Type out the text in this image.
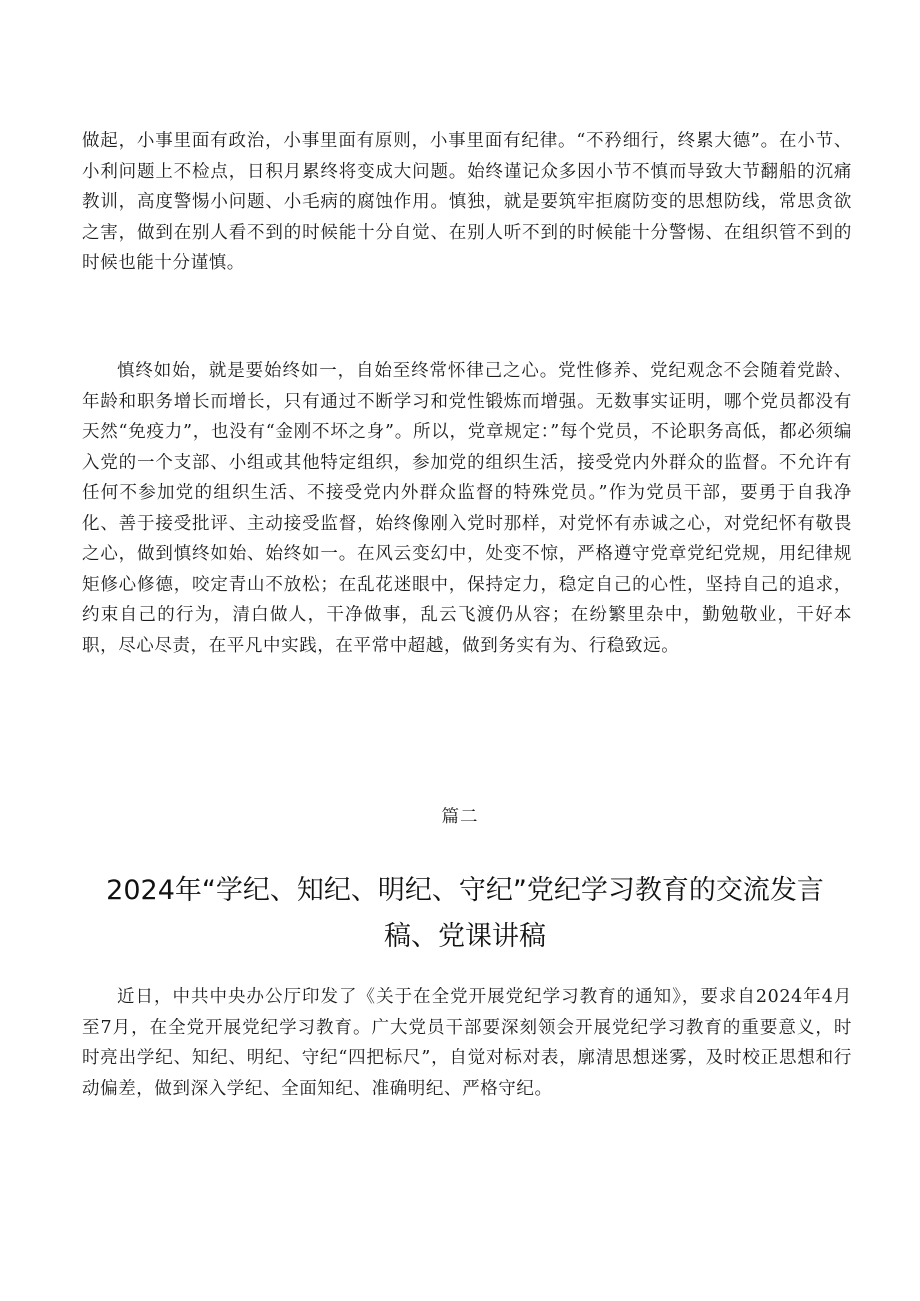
做起，小事里面有政治，小事里面有原则，小事里面有纪律。“不矜细行，终累大德”。在小节、小利问题上不检点，日积月累终将变成大问题。始终谨记众多因小节不慎而导致大节翻船的沉痛教训，高度警惕小问题、小毛病的腐蚀作用。慎独，就是要筑牢拒腐防变的思想防线，常思贪欲之害，做到在别人看不到的时候能十分自觉、在别人听不到的时候能十分警惕、在组织管不到的时候也能十分谨慎。

慎终如始，就是要始终如一，自始至终常怀律己之心。党性修养、党纪观念不会随着党龄、年龄和职务增长而增长，只有通过不断学习和党性锻炼而增强。无数事实证明，哪个党员都没有天然“免疫力”，也没有“金刚不坏之身”。所以，党章规定：”每个党员，不论职务高低，都必须编入党的一个支部、小组或其他特定组织，参加党的组织生活，接受党内外群众的监督。不允许有任何不参加党的组织生活、不接受党内外群众监督的特殊党员。”作为党员干部，要勇于自我净化、善于接受批评、主动接受监督，始终像刚入党时那样，对党怀有赤诚之心，对党纪怀有敬畏之心，做到慎终如始、始终如一。在风云变幻中，处变不惊，严格遵守党章党纪党规，用纪律规矩修心修德，咬定青山不放松；在乱花迷眼中，保持定力，稳定自己的心性，坚持自己的追求，约束自己的行为，清白做人，干净做事，乱云飞渡仍从容；在纷繁里杂中，勤勉敬业，干好本职，尽心尽责，在平凡中实践，在平常中超越，做到务实有为、行稳致远。

篇二
2024年“学纪、知纪、明纪、守纪”党纪学习教育的交流发言稿、党课讲稿

近日，中共中央办公厅印发了《关于在全党开展党纪学习教育的通知》，要求自2024年4月至7月，在全党开展党纪学习教育。广大党员干部要深刻领会开展党纪学习教育的重要意义，时时亮出学纪、知纪、明纪、守纪“四把标尺”，自觉对标对表，廓清思想迷雾，及时校正思想和行动偏差，做到深入学纪、全面知纪、准确明纪、严格守纪。
